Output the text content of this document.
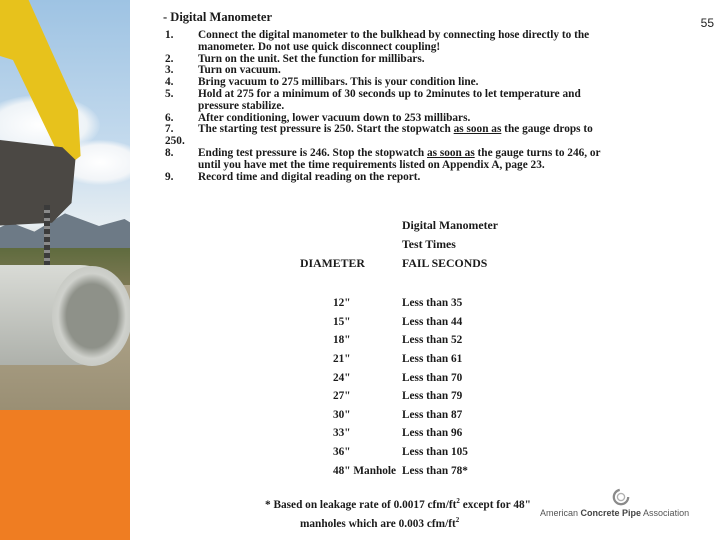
55
- Digital Manometer
1.	Connect the digital manometer to the bulkhead by connecting hose directly to the manometer. Do not use quick disconnect coupling!
2.	Turn on the unit. Set the function for millibars.
3.	Turn on vacuum.
4.	Bring vacuum to 275 millibars. This is your condition line.
5.	Hold at 275 for a minimum of 30 seconds up to 2minutes to let temperature and pressure stabilize.
6.	After conditioning, lower vacuum down to 253 millibars.
7.	The starting test pressure is 250. Start the stopwatch as soon as the gauge drops to
250.
8.	Ending test pressure is 246. Stop the stopwatch as soon as the gauge turns to 246, or until you have met the time requirements listed on Appendix A, page 23.
9.	Record time and digital reading on the report.
Digital Manometer
Test Times
DIAMETER	FAIL SECONDS
12"	Less than 35
15"	Less than 44
18"	Less than 52
21"	Less than 61
24"	Less than 70
27"	Less than 79
30"	Less than 87
33"	Less than 96
36"	Less than 105
48" Manhole Less than 78*
* Based on leakage rate of 0.0017 cfm/$ft^2$ except for 48"
manholes which are 0.003 cfm/$ft^2$
American Concrete Pipe Association
